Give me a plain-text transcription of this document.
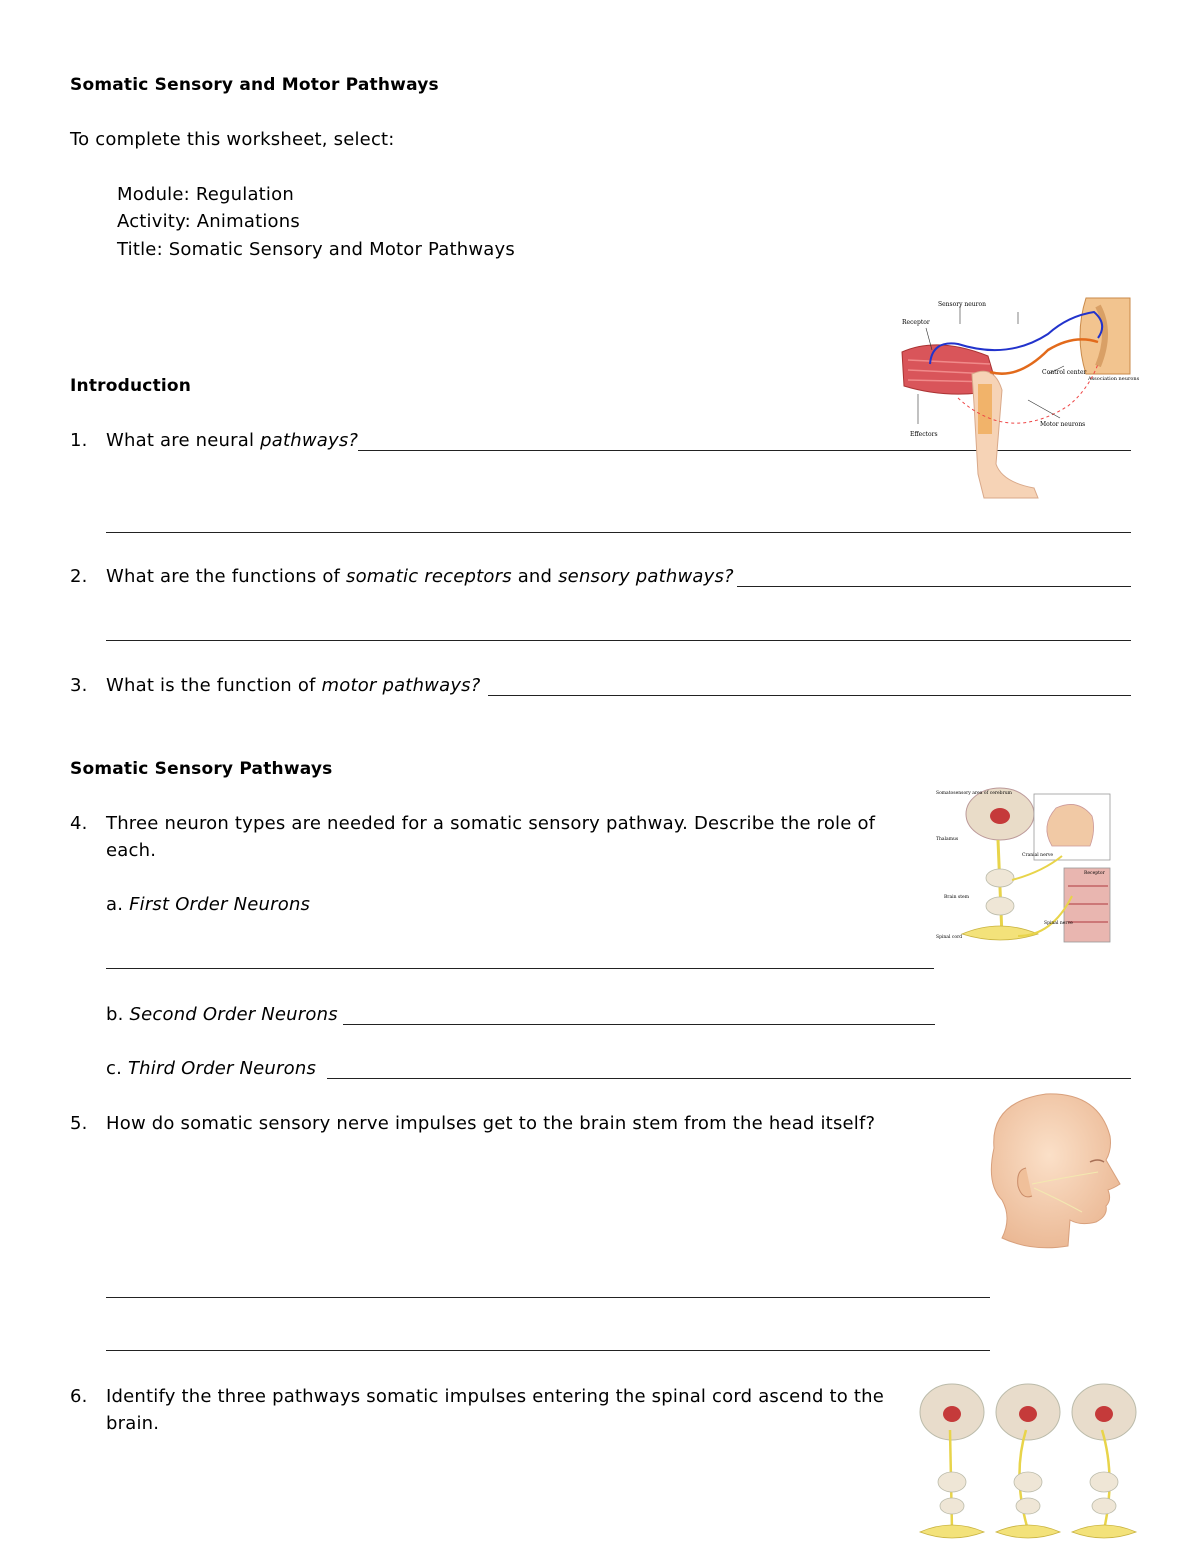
Somatic Sensory and Motor Pathways
To complete this worksheet, select:
Module: Regulation
Activity: Animations
Title: Somatic Sensory and Motor Pathways
Introduction
1. What are neural pathways?
2. What are the functions of somatic receptors and sensory pathways?
3. What is the function of motor pathways?
Somatic Sensory Pathways
4. Three neuron types are needed for a somatic sensory pathway. Describe the role of
each.
a. First Order Neurons
b. Second Order Neurons
c. Third Order Neurons
5. How do somatic sensory nerve impulses get to the brain stem from the head itself?
6. Identify the three pathways somatic impulses entering the spinal cord ascend to the
brain.
Sensory neuron
Receptor
Control center
Association neurons
Effectors
Motor neurons
Somatosensory area of cerebrum
Thalamus
Cranial nerve
Receptor
Brain stem
Spinal nerve
Spinal cord
